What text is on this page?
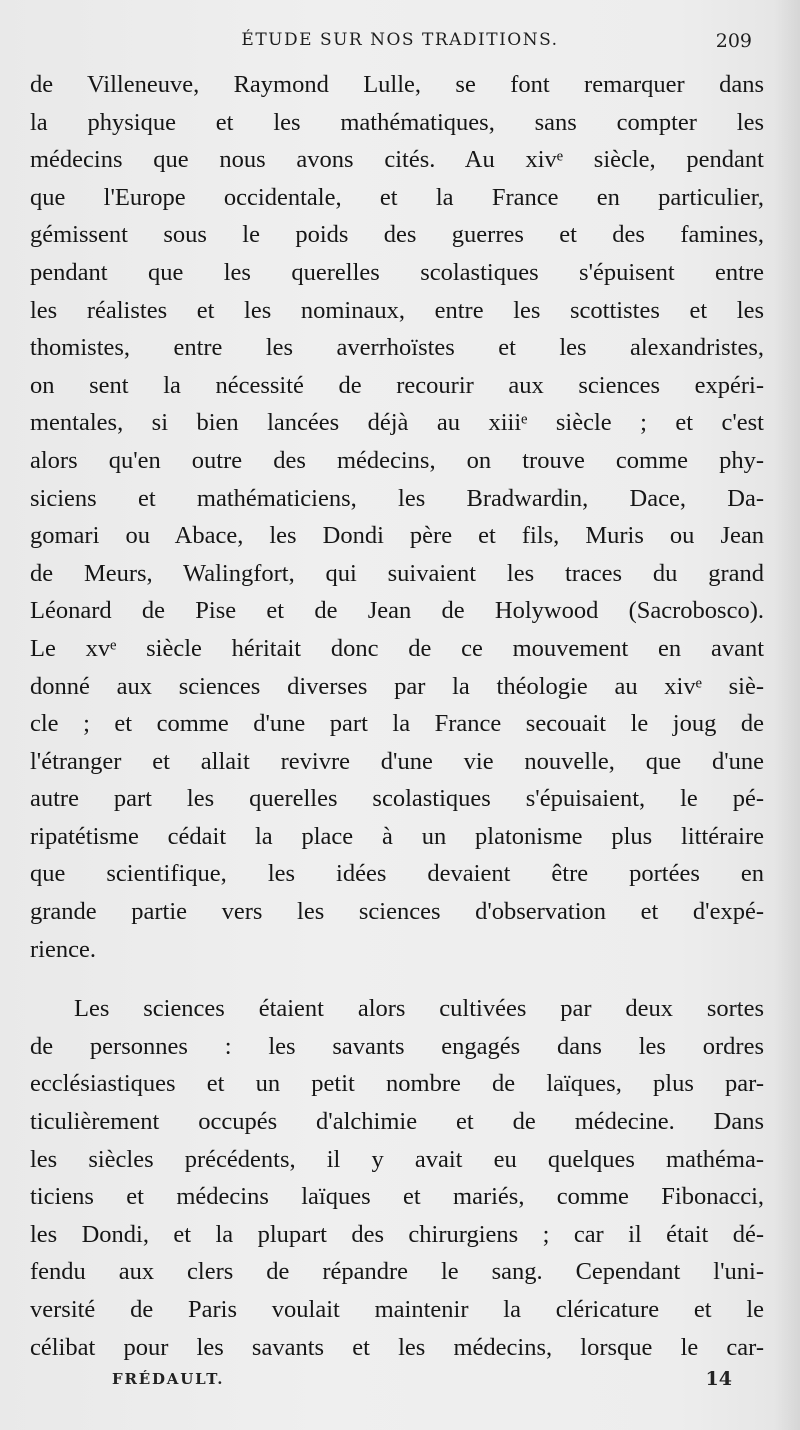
ÉTUDE SUR NOS TRADITIONS.	209
de Villeneuve, Raymond Lulle, se font remarquer dans
la physique et les mathématiques, sans compter les
médecins que nous avons cités. Au xivᵉ siècle, pendant
que l'Europe occidentale, et la France en particulier,
gémissent sous le poids des guerres et des famines,
pendant que les querelles scolastiques s'épuisent entre
les réalistes et les nominaux, entre les scottistes et les
thomistes, entre les averrhoïstes et les alexandristes,
on sent la nécessité de recourir aux sciences expéri-
mentales, si bien lancées déjà au xiiiᵉ siècle ; et c'est
alors qu'en outre des médecins, on trouve comme phy-
siciens et mathématiciens, les Bradwardin, Dace, Da-
gomari ou Abace, les Dondi père et fils, Muris ou Jean
de Meurs, Walingfort, qui suivaient les traces du grand
Léonard de Pise et de Jean de Holywood (Sacrobosco).
Le xvᵉ siècle héritait donc de ce mouvement en avant
donné aux sciences diverses par la théologie au xivᵉ siè-
cle ; et comme d'une part la France secouait le joug de
l'étranger et allait revivre d'une vie nouvelle, que d'une
autre part les querelles scolastiques s'épuisaient, le pé-
ripatétisme cédait la place à un platonisme plus littéraire
que scientifique, les idées devaient être portées en
grande partie vers les sciences d'observation et d'expé-
rience.
Les sciences étaient alors cultivées par deux sortes
de personnes : les savants engagés dans les ordres
ecclésiastiques et un petit nombre de laïques, plus par-
ticulièrement occupés d'alchimie et de médecine. Dans
les siècles précédents, il y avait eu quelques mathéma-
ticiens et médecins laïques et mariés, comme Fibonacci,
les Dondi, et la plupart des chirurgiens ; car il était dé-
fendu aux clers de répandre le sang. Cependant l'uni-
versité de Paris voulait maintenir la cléricature et le
célibat pour les savants et les médecins, lorsque le car-
FRÉDAULT.	14
